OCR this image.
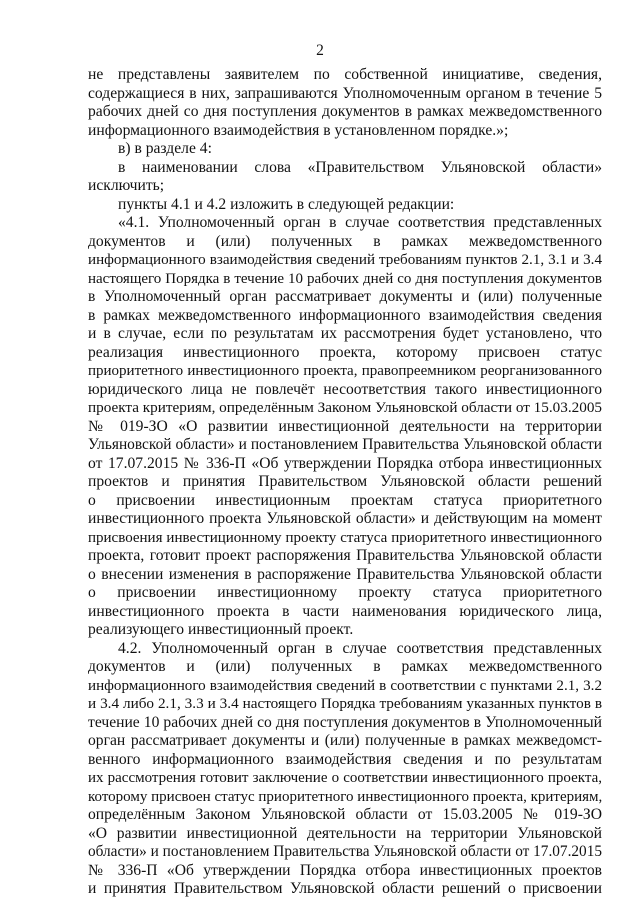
2
не представлены заявителем по собственной инициативе, сведения,
содержащиеся в них, запрашиваются Уполномоченным органом в течение 5
рабочих дней со дня поступления документов в рамках межведомственного
информационного взаимодействия в установленном порядке.»;
в) в разделе 4:
в наименовании слова «Правительством Ульяновской области»
исключить;
пункты 4.1 и 4.2 изложить в следующей редакции:
«4.1. Уполномоченный орган в случае соответствия представленных
документов и (или) полученных в рамках межведомственного
информационного взаимодействия сведений требованиям пунктов 2.1, 3.1 и 3.4
настоящего Порядка в течение 10 рабочих дней со дня поступления документов
в Уполномоченный орган рассматривает документы и (или) полученные
в рамках межведомственного информационного взаимодействия сведения
и в случае, если по результатам их рассмотрения будет установлено, что
реализация инвестиционного проекта, которому присвоен статус
приоритетного инвестиционного проекта, правопреемником реорганизованного
юридического лица не повлечёт несоответствия такого инвестиционного
проекта критериям, определённым Законом Ульяновской области от 15.03.2005
№ 019-ЗО «О развитии инвестиционной деятельности на территории
Ульяновской области» и постановлением Правительства Ульяновской области
от 17.07.2015 № 336-П «Об утверждении Порядка отбора инвестиционных
проектов и принятия Правительством Ульяновской области решений
о присвоении инвестиционным проектам статуса приоритетного
инвестиционного проекта Ульяновской области» и действующим на момент
присвоения инвестиционному проекту статуса приоритетного инвестиционного
проекта, готовит проект распоряжения Правительства Ульяновской области
о внесении изменения в распоряжение Правительства Ульяновской области
о присвоении инвестиционному проекту статуса приоритетного
инвестиционного проекта в части наименования юридического лица,
реализующего инвестиционный проект.
4.2. Уполномоченный орган в случае соответствия представленных
документов и (или) полученных в рамках межведомственного
информационного взаимодействия сведений в соответствии с пунктами 2.1, 3.2
и 3.4 либо 2.1, 3.3 и 3.4 настоящего Порядка требованиям указанных пунктов в
течение 10 рабочих дней со дня поступления документов в Уполномоченный
орган рассматривает документы и (или) полученные в рамках межведомст-
венного информационного взаимодействия сведения и по результатам
их рассмотрения готовит заключение о соответствии инвестиционного проекта,
которому присвоен статус приоритетного инвестиционного проекта, критериям,
определённым Законом Ульяновской области от 15.03.2005 № 019-ЗО
«О развитии инвестиционной деятельности на территории Ульяновской
области» и постановлением Правительства Ульяновской области от 17.07.2015
№ 336-П «Об утверждении Порядка отбора инвестиционных проектов
и принятия Правительством Ульяновской области решений о присвоении
